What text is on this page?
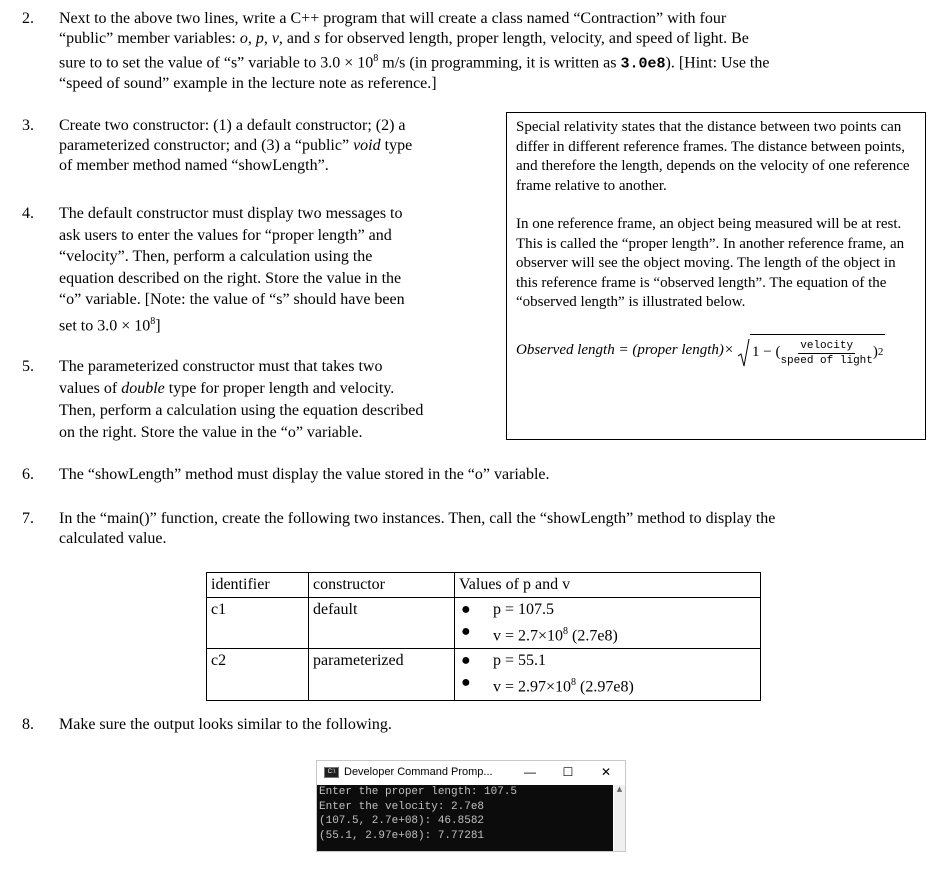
2. Next to the above two lines, write a C++ program that will create a class named “Contraction” with four
“public” member variables: o, p, v, and s for observed length, proper length, velocity, and speed of light. Be
sure to to set the value of “s” variable to $3.0 \times 10^8$ m/s (in programming, it is written as 3.0e8). [Hint: Use the
“speed of sound” example in the lecture note as reference.]
3. Create two constructor: (1) a default constructor; (2) a
parameterized constructor; and (3) a “public” void type
of member method named “showLength”.
4. The default constructor must display two messages to
ask users to enter the values for “proper length” and
“velocity”. Then, perform a calculation using the
equation described on the right. Store the value in the
“o” variable. [Note: the value of “s” should have been
set to $3.0 \times 10^8$]
5. The parameterized constructor must that takes two
values of double type for proper length and velocity.
Then, perform a calculation using the equation described
on the right. Store the value in the “o” variable.

Special relativity states that the distance between two points can differ in different reference frames. The distance between points, and therefore the length, depends on the velocity of one reference frame relative to another.

In one reference frame, an object being measured will be at rest. This is called the “proper length”. In another reference frame, an observer will see the object moving. The length of the object in this reference frame is “observed length”. The equation of the “observed length” is illustrated below.

Observed length = (proper length)× 1 − ( $\frac{\text{velocity}}{\text{speed of light}}$ ) 2
6. The “showLength” method must display the value stored in the “o” variable.
7. In the “main()” function, create the following two instances. Then, call the “showLength” method to display the
calculated value.
identifier	constructor	Values of p and v
c1	default	● p = 107.5
● $v = 2.7\times 10^8$ (2.7e8)

c2	parameterized	● p = 55.1
● $v = 2.97\times 10^8$ (2.97e8)
8. Make sure the output looks similar to the following.
C:\ Developer Command Promp...	—	☐	✕
Enter the proper length: 107.5
Enter the velocity: 2.7e8
(107.5, 2.7e+08): 46.8582
(55.1, 2.97e+08): 7.77281
▲
